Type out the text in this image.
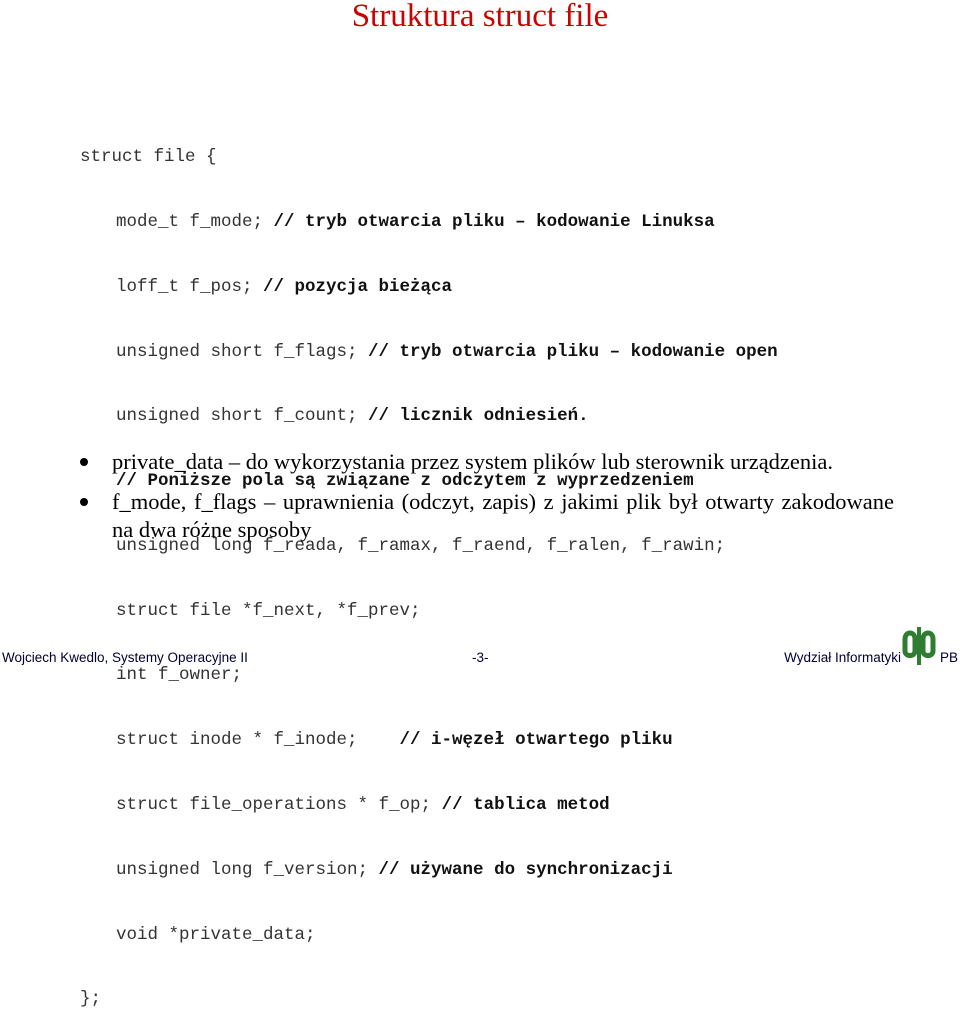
Struktura struct file

struct file {

mode_t f_mode; // tryb otwarcia pliku – kodowanie Linuksa

loff_t f_pos; // pozycja bieżąca

unsigned short f_flags; // tryb otwarcia pliku – kodowanie open

unsigned short f_count; // licznik odniesień.

// Poniższe pola są związane z odczytem z wyprzedzeniem

unsigned long f_reada, f_ramax, f_raend, f_ralen, f_rawin;

struct file *f_next, *f_prev;

int f_owner;

struct inode * f_inode;    // i-węzeł otwartego pliku

struct file_operations * f_op; // tablica metod

unsigned long f_version; // używane do synchronizacji

void *private_data;

};

private_data – do wykorzystania przez system plików lub sterownik urządzenia.
f_mode, f_flags – uprawnienia (odczyt, zapis) z jakimi plik był otwarty zakodowane na dwa różne sposoby
Wojciech Kwedlo, Systemy Operacyjne II	-3-	Wydział Informatyki	PB
